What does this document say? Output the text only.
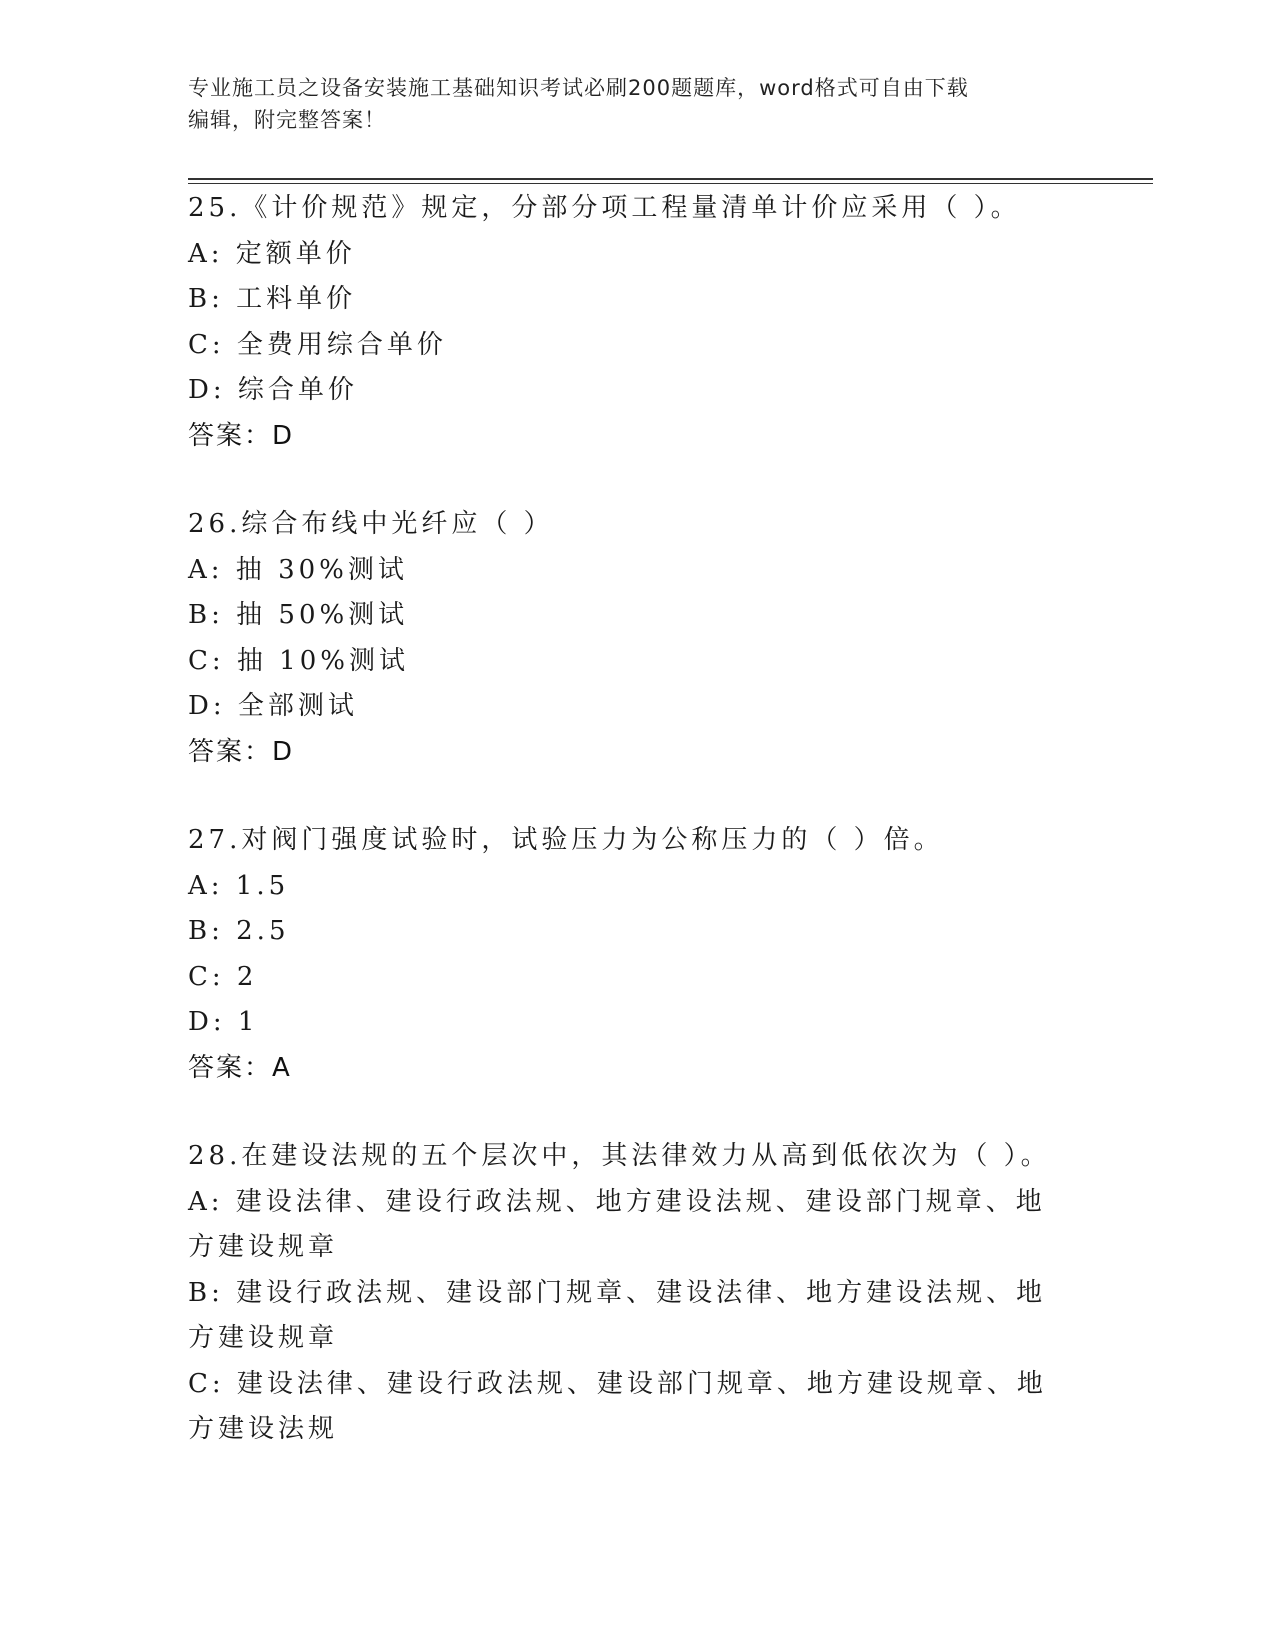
专业施工员之设备安装施工基础知识考试必刷200题题库，word格式可自由下载
编辑，附完整答案！
25.《计价规范》规定，分部分项工程量清单计价应采用（ ）。
A: 定额单价
B: 工料单价
C: 全费用综合单价
D: 综合单价
答案：D
26.综合布线中光纤应（ ）
A: 抽 30%测试
B: 抽 50%测试
C: 抽 10%测试
D: 全部测试
答案：D
27.对阀门强度试验时，试验压力为公称压力的（ ）倍。
A: 1.5
B: 2.5
C: 2
D: 1
答案：A
28.在建设法规的五个层次中，其法律效力从高到低依次为（ ）。
A: 建设法律、建设行政法规、地方建设法规、建设部门规章、地方建设规章
B: 建设行政法规、建设部门规章、建设法律、地方建设法规、地方建设规章
C: 建设法律、建设行政法规、建设部门规章、地方建设规章、地方建设法规
